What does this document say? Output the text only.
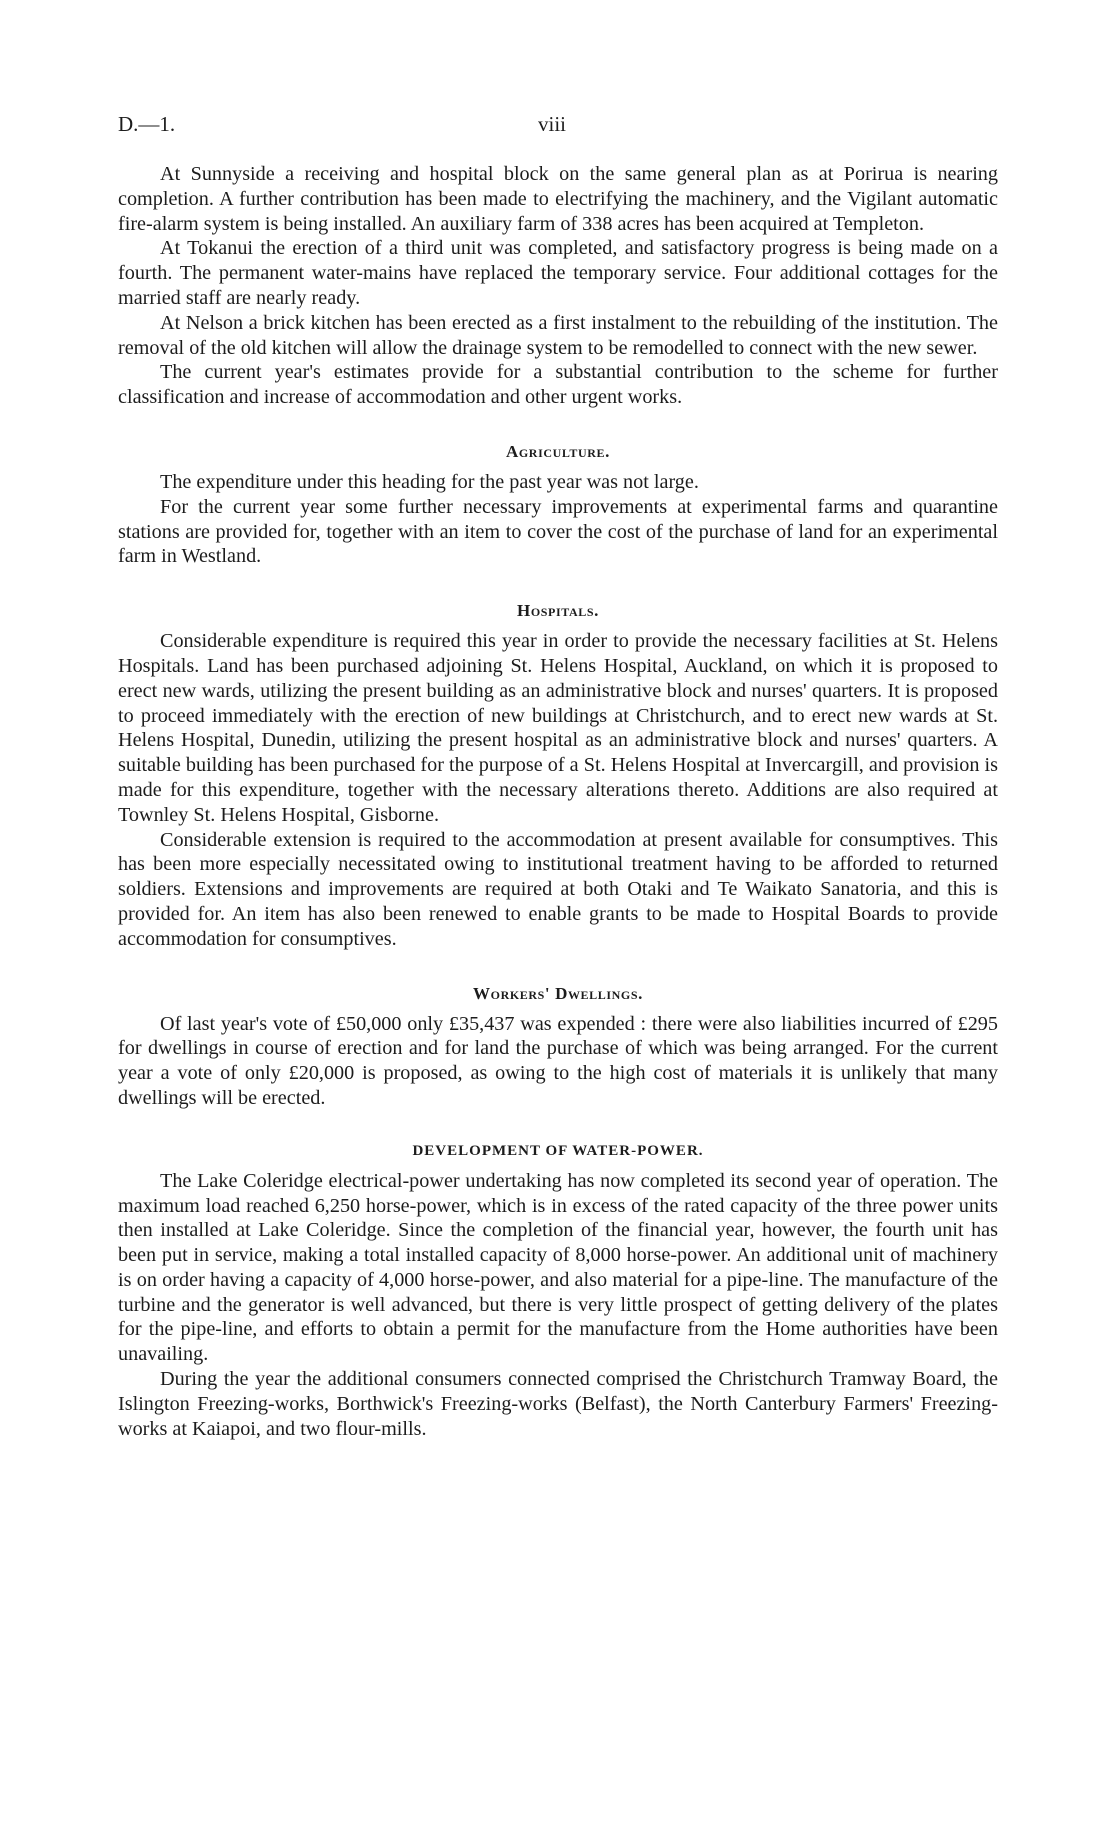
D.—1.	viii

At Sunnyside a receiving and hospital block on the same general plan as at Porirua is nearing completion. A further contribution has been made to electrifying the machinery, and the Vigilant automatic fire-alarm system is being installed. An auxiliary farm of 338 acres has been acquired at Templeton.

At Tokanui the erection of a third unit was completed, and satisfactory progress is being made on a fourth. The permanent water-mains have replaced the temporary service. Four additional cottages for the married staff are nearly ready.

At Nelson a brick kitchen has been erected as a first instalment to the rebuilding of the institution. The removal of the old kitchen will allow the drainage system to be remodelled to connect with the new sewer.

The current year's estimates provide for a substantial contribution to the scheme for further classification and increase of accommodation and other urgent works.

Agriculture.

The expenditure under this heading for the past year was not large.

For the current year some further necessary improvements at experimental farms and quarantine stations are provided for, together with an item to cover the cost of the purchase of land for an experimental farm in Westland.

Hospitals.

Considerable expenditure is required this year in order to provide the necessary facilities at St. Helens Hospitals. Land has been purchased adjoining St. Helens Hospital, Auckland, on which it is proposed to erect new wards, utilizing the present building as an administrative block and nurses' quarters. It is proposed to proceed immediately with the erection of new buildings at Christchurch, and to erect new wards at St. Helens Hospital, Dunedin, utilizing the present hospital as an administrative block and nurses' quarters. A suitable building has been purchased for the purpose of a St. Helens Hospital at Invercargill, and provision is made for this expenditure, together with the necessary alterations thereto. Additions are also required at Townley St. Helens Hospital, Gisborne.

Considerable extension is required to the accommodation at present available for consumptives. This has been more especially necessitated owing to institutional treatment having to be afforded to returned soldiers. Extensions and improvements are required at both Otaki and Te Waikato Sanatoria, and this is provided for. An item has also been renewed to enable grants to be made to Hospital Boards to provide accommodation for consumptives.

Workers' Dwellings.

Of last year's vote of £50,000 only £35,437 was expended : there were also liabilities incurred of £295 for dwellings in course of erection and for land the purchase of which was being arranged. For the current year a vote of only £20,000 is proposed, as owing to the high cost of materials it is unlikely that many dwellings will be erected.

DEVELOPMENT OF WATER-POWER.

The Lake Coleridge electrical-power undertaking has now completed its second year of operation. The maximum load reached 6,250 horse-power, which is in excess of the rated capacity of the three power units then installed at Lake Coleridge. Since the completion of the financial year, however, the fourth unit has been put in service, making a total installed capacity of 8,000 horse-power. An additional unit of machinery is on order having a capacity of 4,000 horse-power, and also material for a pipe-line. The manufacture of the turbine and the generator is well advanced, but there is very little prospect of getting delivery of the plates for the pipe-line, and efforts to obtain a permit for the manufacture from the Home authorities have been unavailing.

During the year the additional consumers connected comprised the Christchurch Tramway Board, the Islington Freezing-works, Borthwick's Freezing-works (Belfast), the North Canterbury Farmers' Freezing-works at Kaiapoi, and two flour-mills.
